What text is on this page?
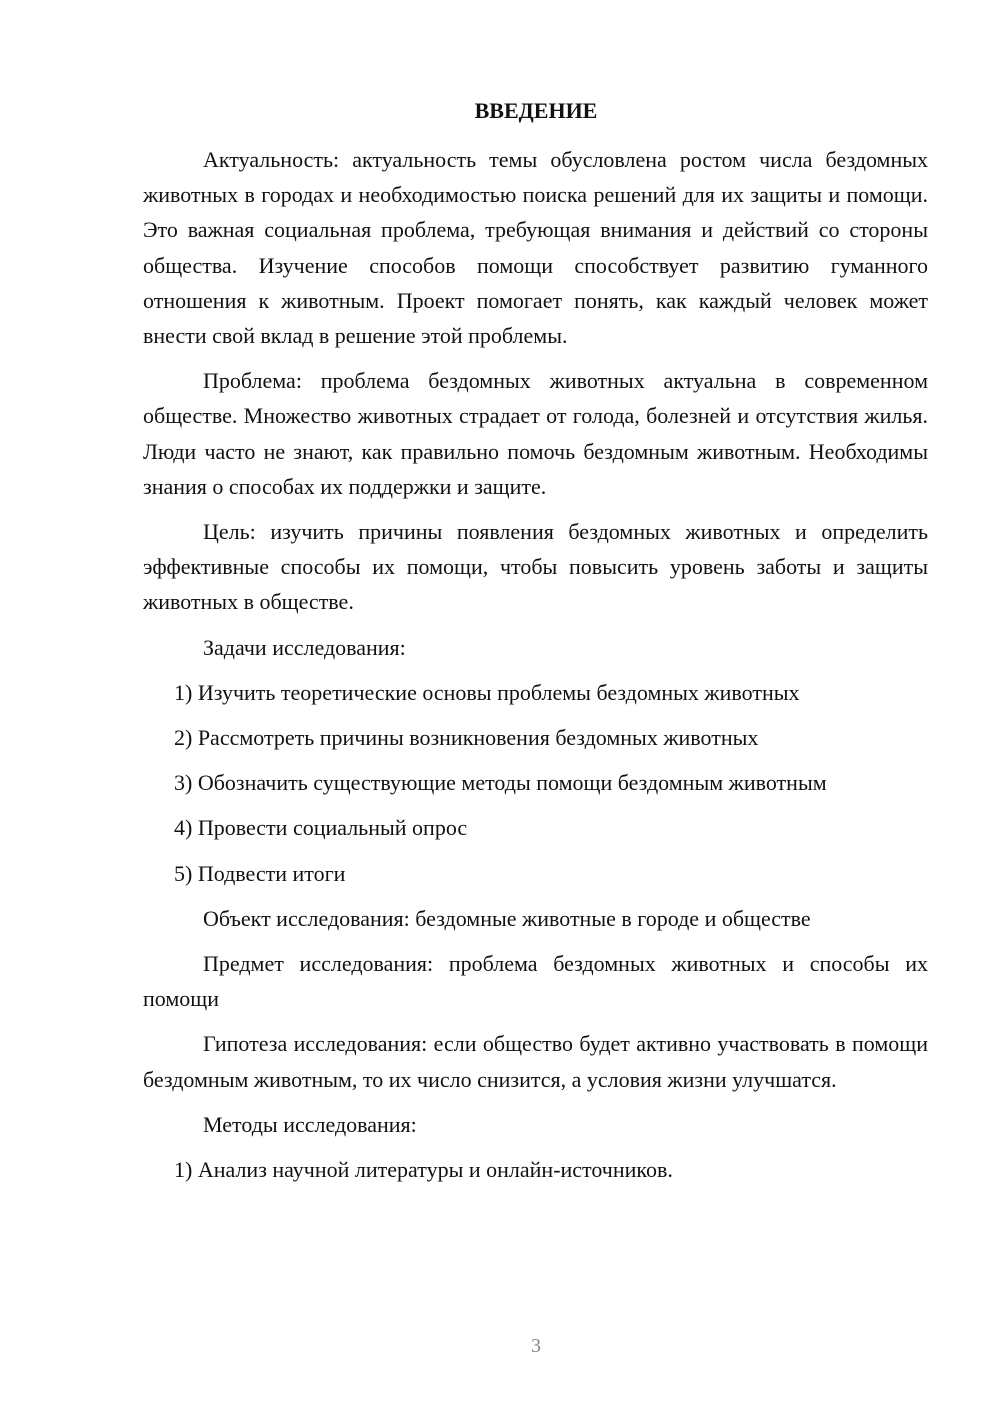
ВВЕДЕНИЕ

Актуальность: актуальность темы обусловлена ростом числа бездомных животных в городах и необходимостью поиска решений для их защиты и помощи. Это важная социальная проблема, требующая внимания и действий со стороны общества. Изучение способов помощи способствует развитию гуманного отношения к животным. Проект помогает понять, как каждый человек может внести свой вклад в решение этой проблемы.

Проблема: проблема бездомных животных актуальна в современном обществе. Множество животных страдает от голода, болезней и отсутствия жилья. Люди часто не знают, как правильно помочь бездомным животным. Необходимы знания о способах их поддержки и защите.

Цель: изучить причины появления бездомных животных и определить эффективные способы их помощи, чтобы повысить уровень заботы и защиты животных в обществе.

Задачи исследования:

1) Изучить теоретические основы проблемы бездомных животных

2) Рассмотреть причины возникновения бездомных животных

3) Обозначить существующие методы помощи бездомным животным

4) Провести социальный опрос

5) Подвести итоги

Объект исследования: бездомные животные в городе и обществе

Предмет исследования: проблема бездомных животных и способы их помощи

Гипотеза исследования: если общество будет активно участвовать в помощи бездомным животным, то их число снизится, а условия жизни улучшатся.

Методы исследования:

1) Анализ научной литературы и онлайн-источников.

3
